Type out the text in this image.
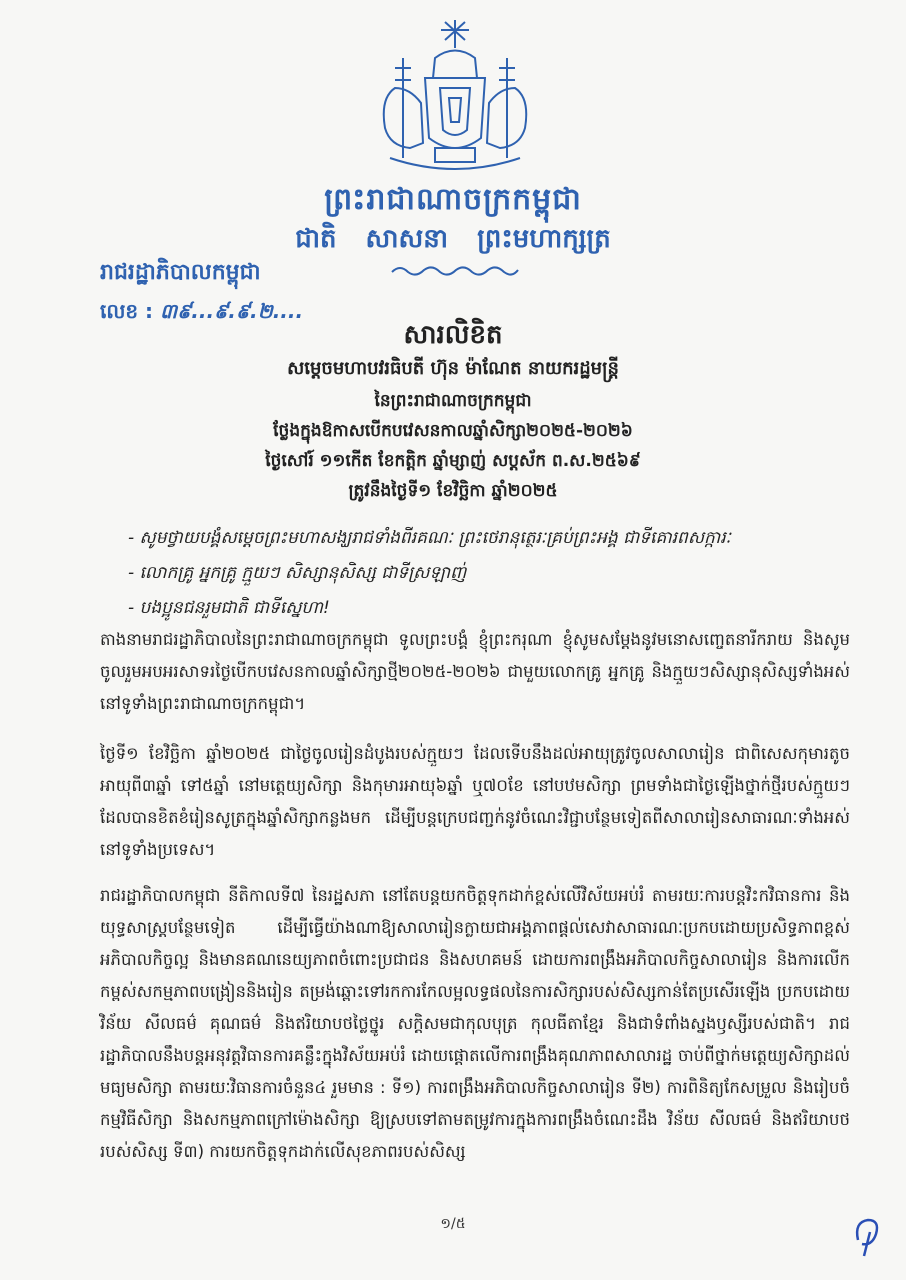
ព្រះរាជាណាចក្រកម្ពុជា
ជាតិ សាសនា ព្រះមហាក្សត្រ
រាជរដ្ឋាភិបាលកម្ពុជា
លេខ : ៣៩...៩.៩.២....
សារលិខិត
សម្ដេចមហាបវរធិបតី ហ៊ុន ម៉ាណែត នាយករដ្ឋមន្ត្រី
នៃព្រះរាជាណាចក្រកម្ពុជា
ថ្លែងក្នុងឱកាសបើកបវេសនកាលឆ្នាំសិក្សា២០២៥-២០២៦
ថ្ងៃសៅរ៍ ១១កើត ខែកត្តិក ឆ្នាំម្សាញ់ សប្តស័ក ព.ស.២៥៦៩
ត្រូវនឹងថ្ងៃទី១ ខែវិច្ឆិកា ឆ្នាំ២០២៥
- សូមថ្វាយបង្គំសម្តេចព្រះមហាសង្ឃរាជទាំងពីរគណៈ ព្រះថេរានុត្ថេរៈគ្រប់ព្រះអង្គ ជាទីគោរពសក្ការៈ
- លោកគ្រូ អ្នកគ្រូ ក្មួយៗ សិស្សានុសិស្ស ជាទីស្រឡាញ់
- បងប្អូនជនរួមជាតិ ជាទីស្នេហា!
តាងនាមរាជរដ្ឋាភិបាលនៃព្រះរាជាណាចក្រកម្ពុជា ទូលព្រះបង្គំ ខ្ញុំព្រះករុណា ខ្ញុំសូមសម្តែងនូវមនោសញ្ចេតនារីករាយ និងសូមចូលរួមអបអរសាទរថ្ងៃបើកបវេសនកាលឆ្នាំសិក្សាថ្មី២០២៥-២០២៦ ជាមួយលោកគ្រូ អ្នកគ្រូ និងក្មួយៗសិស្សានុសិស្សទាំងអស់នៅទូទាំងព្រះរាជាណាចក្រកម្ពុជា។
ថ្ងៃទី១ ខែវិច្ឆិកា ឆ្នាំ២០២៥ ជាថ្ងៃចូលរៀនដំបូងរបស់ក្មួយៗ ដែលទើបនឹងដល់អាយុត្រូវចូលសាលារៀន ជាពិសេសកុមារតូចអាយុពី៣ឆ្នាំ ទៅ៥ឆ្នាំ នៅមត្តេយ្យសិក្សា និងកុមារអាយុ៦ឆ្នាំ ឬ៧០ខែ នៅបឋមសិក្សា ព្រមទាំងជាថ្ងៃឡើងថ្នាក់ថ្មីរបស់ក្មួយៗ ដែលបានខិតខំរៀនសូត្រក្នុងឆ្នាំសិក្សាកន្លងមក ដើម្បីបន្តក្រេបជញ្ជក់នូវចំណេះវិជ្ជាបន្ថែមទៀតពីសាលារៀនសាធារណៈទាំងអស់នៅទូទាំងប្រទេស។
រាជរដ្ឋាភិបាលកម្ពុជា នីតិកាលទី៧ នៃរដ្ឋសភា នៅតែបន្តយកចិត្តទុកដាក់ខ្ពស់លើវិស័យអប់រំ តាមរយៈការបន្តវិះកវិធានការ និងយុទ្ធសាស្ត្របន្ថែមទៀត ដើម្បីធ្វើយ៉ាងណាឱ្យសាលារៀនក្លាយជាអង្គភាពផ្តល់សេវាសាធារណៈប្រកបដោយប្រសិទ្ធភាពខ្ពស់ អភិបាលកិច្ចល្អ និងមានគណនេយ្យភាពចំពោះប្រជាជន និងសហគមន៍ ដោយការពង្រឹងអភិបាលកិច្ចសាលារៀន និងការលើកកម្ពស់សកម្មភាពបង្រៀននិងរៀន តម្រង់ឆ្ពោះទៅរកការកែលម្អលទ្ធផលនៃការសិក្សារបស់សិស្សកាន់តែប្រសើរឡើង ប្រកបដោយវិន័យ សីលធម៌ គុណធម៌ និងឥរិយាបថថ្លៃថ្នូរ សក្តិសមជាកុលបុត្រ កុលធីតាខ្មែរ និងជាទំពាំងស្នងឫស្សីរបស់ជាតិ។ រាជរដ្ឋាភិបាលនឹងបន្តអនុវត្តវិធានការគន្លឹះក្នុងវិស័យអប់រំ ដោយផ្តោតលើការពង្រឹងគុណភាពសាលារដ្ឋ ចាប់ពីថ្នាក់មត្តេយ្យសិក្សាដល់មធ្យមសិក្សា តាមរយៈវិធានការចំនួន៤ រួមមាន : ទី១) ការពង្រឹងអភិបាលកិច្ចសាលារៀន ទី២) ការពិនិត្យកែសម្រួល និងរៀបចំកម្មវិធីសិក្សា និងសកម្មភាពក្រៅម៉ោងសិក្សា ឱ្យស្របទៅតាមតម្រូវការក្នុងការពង្រឹងចំណេះដឹង វិន័យ សីលធម៌ និងឥរិយាបថរបស់សិស្ស ទី៣) ការយកចិត្តទុកដាក់លើសុខភាពរបស់សិស្ស
១/៥
